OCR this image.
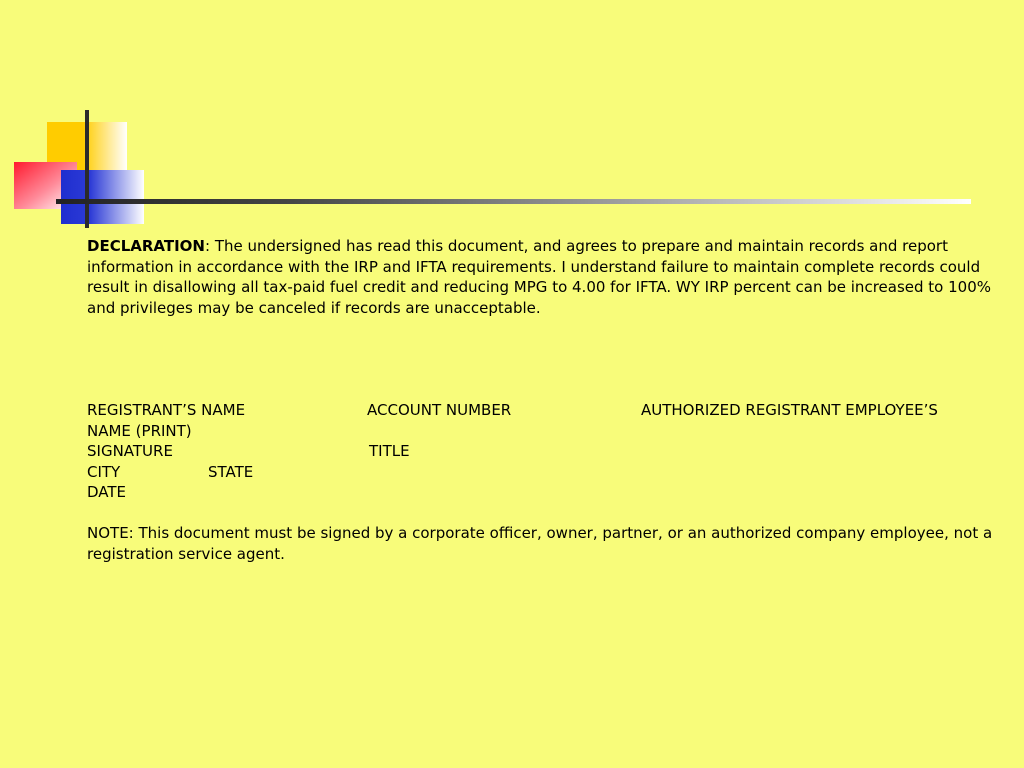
DECLARATION: The undersigned has read this document, and agrees to prepare and maintain records and report information in accordance with the IRP and IFTA requirements. I understand failure to maintain complete records could result in disallowing all tax-paid fuel credit and reducing MPG to 4.00 for IFTA. WY IRP percent can be increased to 100% and privileges may be canceled if records are unacceptable.

REGISTRANT’S NAME	ACCOUNT NUMBER	AUTHORIZED REGISTRANT EMPLOYEE’S
NAME (PRINT)
SIGNATURE	TITLE
CITY	STATE
DATE

NOTE: This document must be signed by a corporate officer, owner, partner, or an authorized company employee, not a registration service agent.
